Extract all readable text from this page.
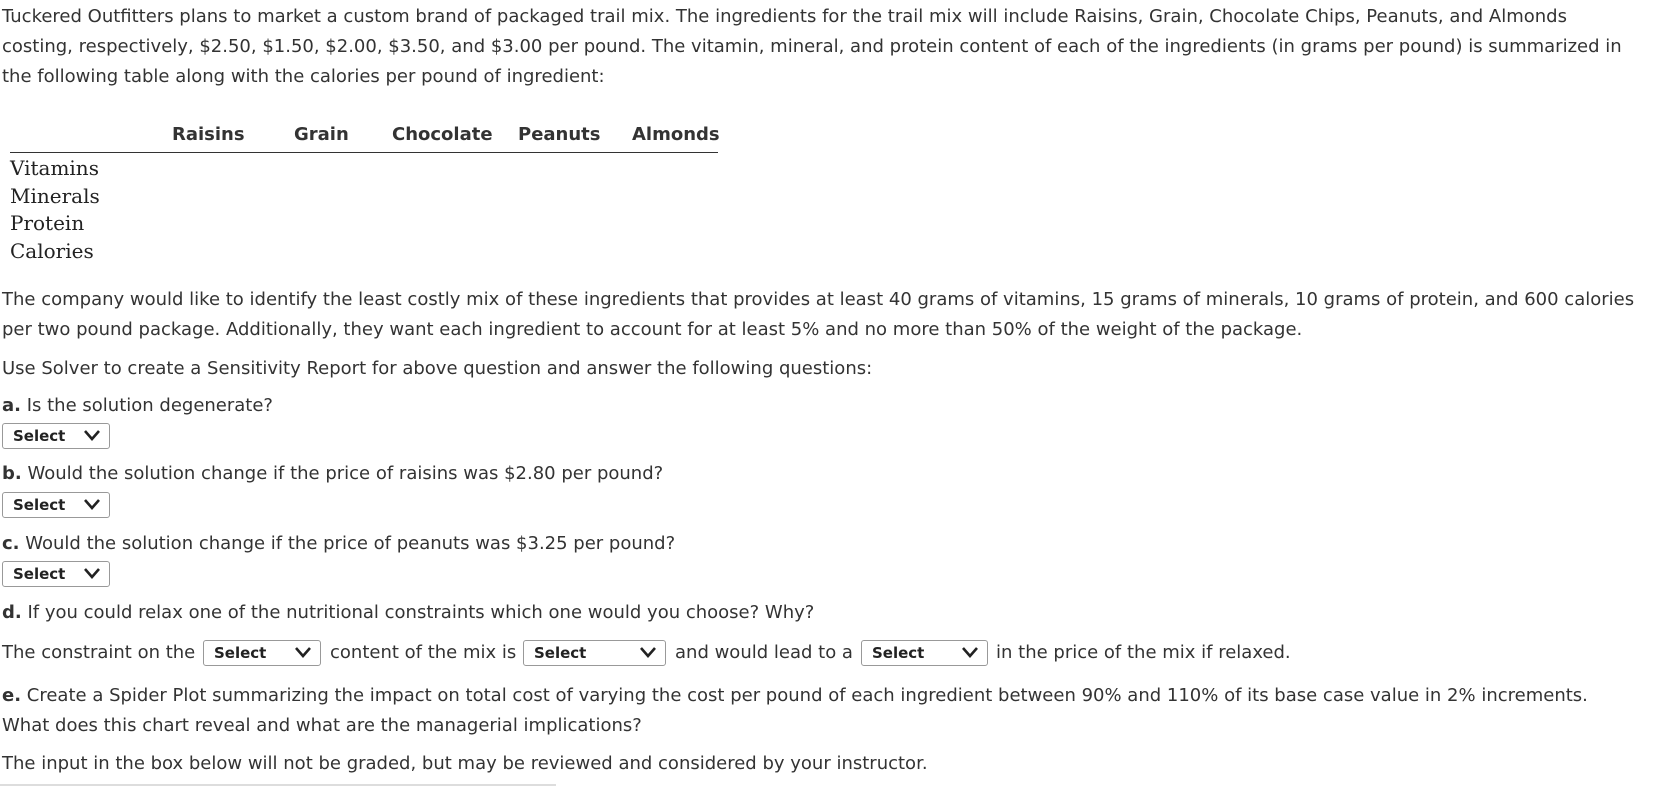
Tuckered Outfitters plans to market a custom brand of packaged trail mix. The ingredients for the trail mix will include Raisins, Grain, Chocolate Chips, Peanuts, and Almonds
costing, respectively, $2.50, $1.50, $2.00, $3.50, and $3.00 per pound. The vitamin, mineral, and protein content of each of the ingredients (in grams per pound) is summarized in
the following table along with the calories per pound of ingredient:
Raisins	Grain Chocolate Peanuts Almonds
Vitamins
Minerals
Protein
Calories
The company would like to identify the least costly mix of these ingredients that provides at least 40 grams of vitamins, 15 grams of minerals, 10 grams of protein, and 600 calories
per two pound package. Additionally, they want each ingredient to account for at least 5% and no more than 50% of the weight of the package.
Use Solver to create a Sensitivity Report for above question and answer the following questions:
a. Is the solution degenerate?
Select
b. Would the solution change if the price of raisins was $2.80 per pound?
Select
c. Would the solution change if the price of peanuts was $3.25 per pound?
Select
d. If you could relax one of the nutritional constraints which one would you choose? Why?
The constraint on the	Select	content of the mix is	Select	and would lead to a	Select	in the price of the mix if relaxed.
e. Create a Spider Plot summarizing the impact on total cost of varying the cost per pound of each ingredient between 90% and 110% of its base case value in 2% increments.
What does this chart reveal and what are the managerial implications?
The input in the box below will not be graded, but may be reviewed and considered by your instructor.
